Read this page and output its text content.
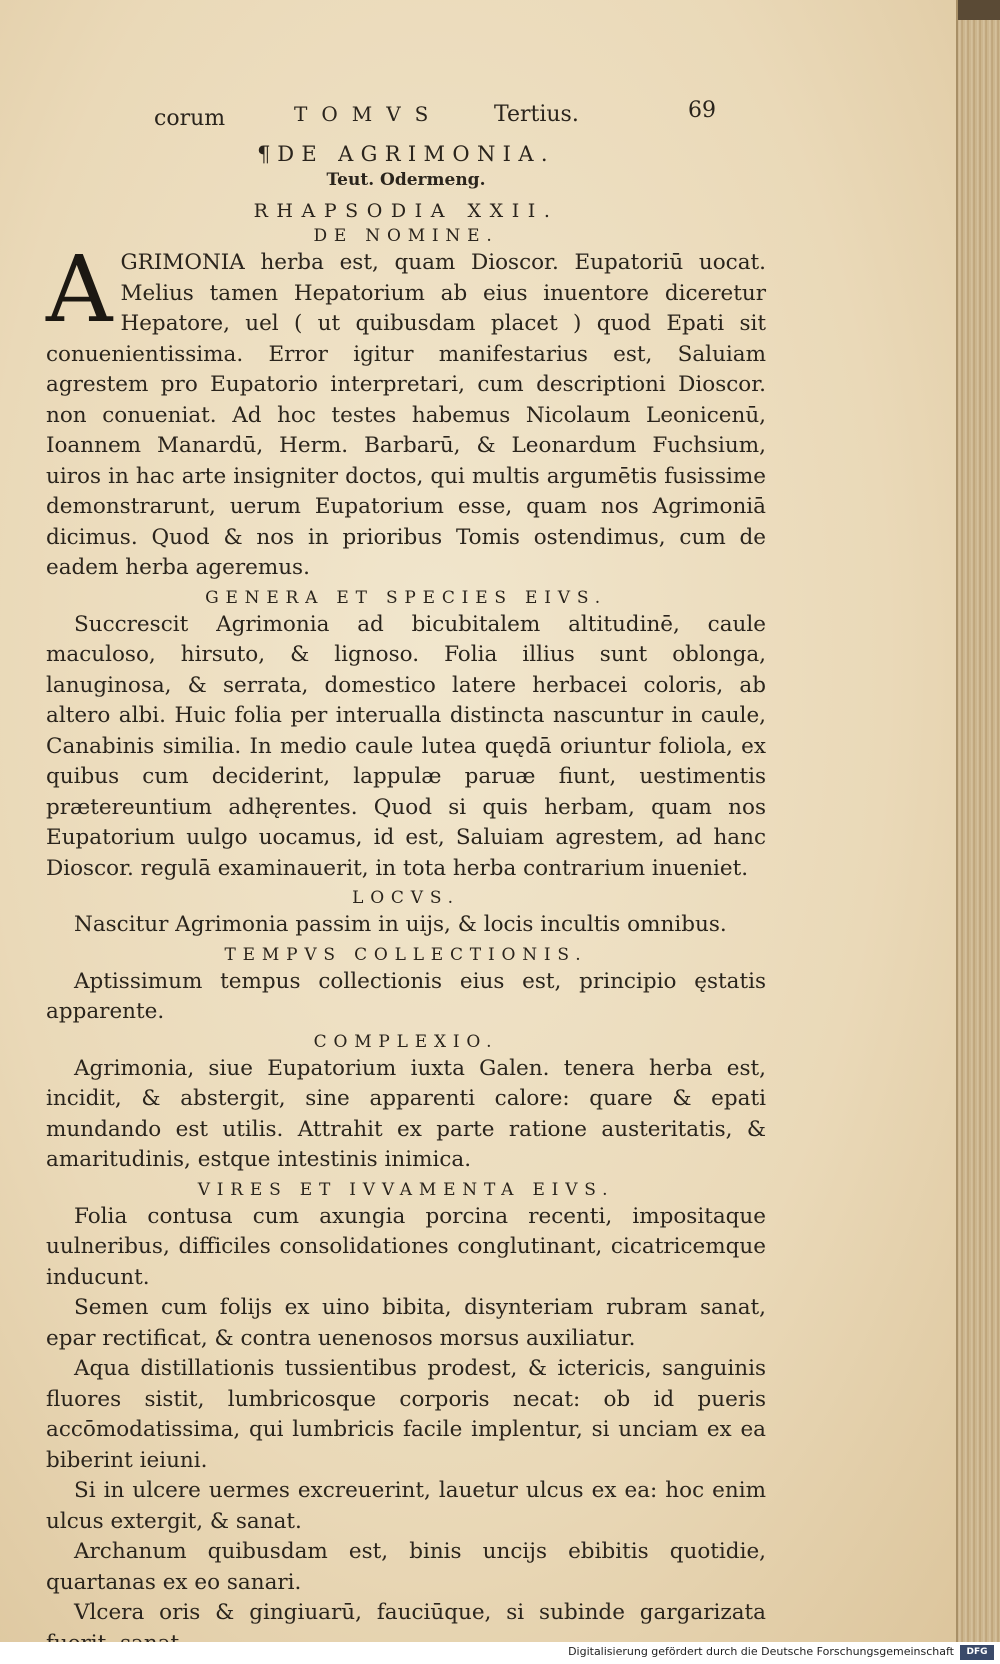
corum	TOMVS Tertius.	69
¶ DE AGRIMONIA.
Teut. Odermeng.
RHAPSODIA XXII.
DE NOMINE.
A GRIMONIA herba est, quam Dioscor. Eupatoriū uocat. Melius tamen Hepatorium ab eius inuentore diceretur Hepatore, uel ( ut quibusdam placet ) quod Epati sit conuenientissima. Error igitur manifestarius est, Saluiam agrestem pro Eupatorio interpretari, cum descriptioni Dioscor. non conueniat. Ad hoc testes habemus Nicolaum Leonicenū, Ioannem Manardū, Herm. Barbarū, & Leonardum Fuchsium, uiros in hac arte insigniter doctos, qui multis argumētis fusissime demonstrarunt, uerum Eupatorium esse, quam nos Agrimoniā dicimus. Quod & nos in prioribus Tomis ostendimus, cum de eadem herba ageremus.

GENERA ET SPECIES EIVS.

Succrescit Agrimonia ad bicubitalem altitudinē, caule maculoso, hirsuto, & lignoso. Folia illius sunt oblonga, lanuginosa, & serrata, domestico latere herbacei coloris, ab altero albi. Huic folia per interualla distincta nascuntur in caule, Canabinis similia. In medio caule lutea quędā oriuntur foliola, ex quibus cum deciderint, lappulæ paruæ fiunt, uestimentis prætereuntium adhęrentes. Quod si quis herbam, quam nos Eupatorium uulgo uocamus, id est, Saluiam agrestem, ad hanc Dioscor. regulā examinauerit, in tota herba contrarium inueniet.

LOCVS.

Nascitur Agrimonia passim in uijs, & locis incultis omnibus.

TEMPVS COLLECTIONIS.

Aptissimum tempus collectionis eius est, principio ęstatis apparente.

COMPLEXIO.

Agrimonia, siue Eupatorium iuxta Galen. tenera herba est, incidit, & abstergit, sine apparenti calore: quare & epati mundando est utilis. Attrahit ex parte ratione austeritatis, & amaritudinis, estque intestinis inimica.

VIRES ET IVVAMENTA EIVS.

Folia contusa cum axungia porcina recenti, impositaque uulneribus, difficiles consolidationes conglutinant, cicatricemque inducunt.

Semen cum folijs ex uino bibita, disynteriam rubram sanat, epar rectificat, & contra uenenosos morsus auxiliatur.

Aqua distillationis tussientibus prodest, & ictericis, sanguinis fluores sistit, lumbricosque corporis necat: ob id pueris accōmodatissima, qui lumbricis facile implentur, si unciam ex ea biberint ieiuni.

Si in ulcere uermes excreuerint, lauetur ulcus ex ea: hoc enim ulcus extergit, & sanat.

Archanum quibusdam est, binis uncijs ebibitis quotidie, quartanas ex eo sanari.

Vlcera oris & gingiuarū, fauciūque, si subinde gargarizata

Digitalisierung gefördert durch die Deutsche Forschungsgemeinschaft	DFG
